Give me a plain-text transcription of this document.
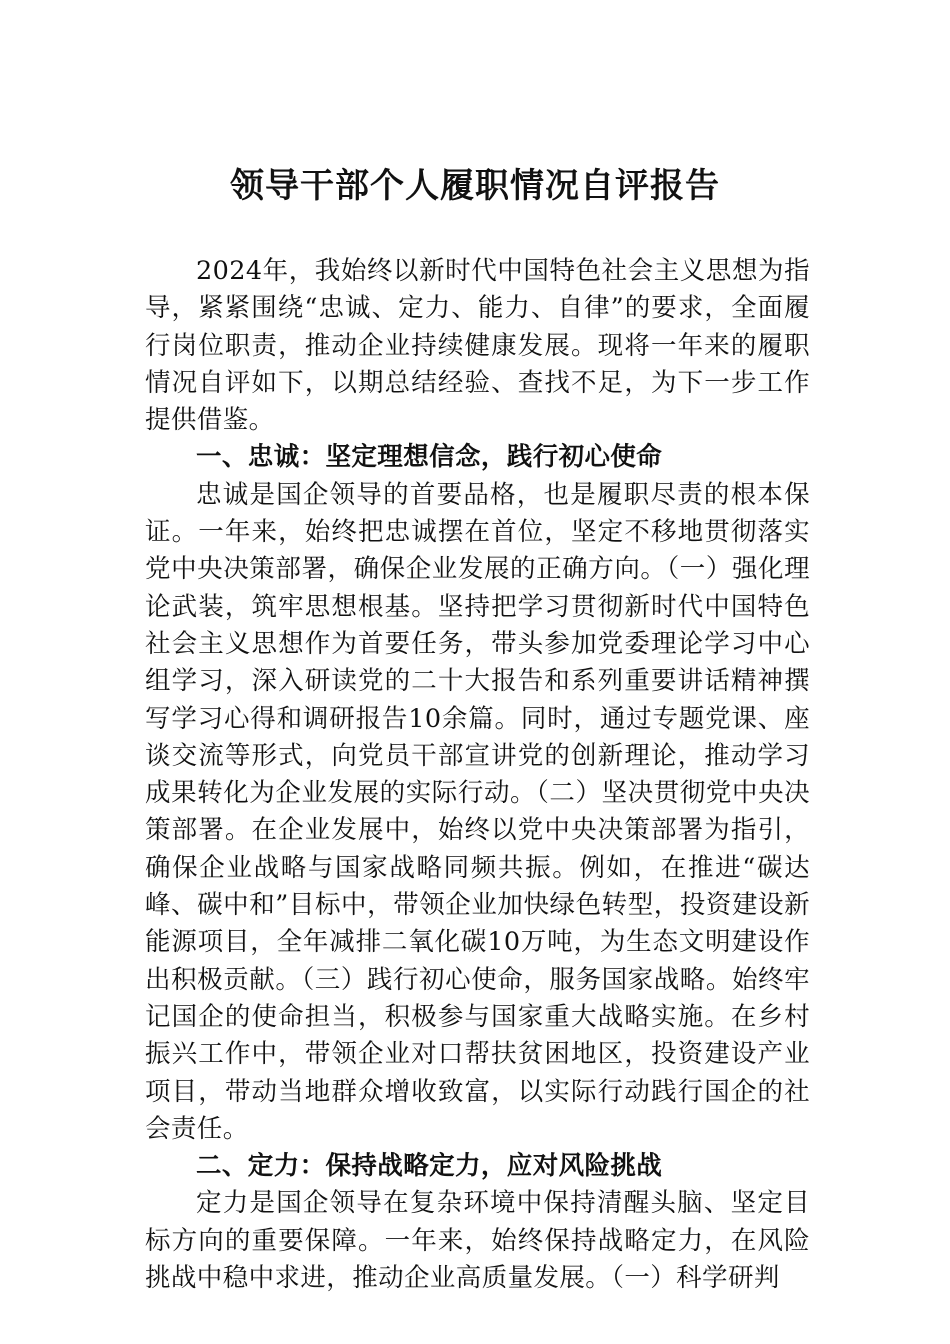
领导干部个人履职情况自评报告

2024年，我始终以新时代中国特色社会主义思想为指导，紧紧围绕“忠诚、定力、能力、自律”的要求，全面履行岗位职责，推动企业持续健康发展。现将一年来的履职情况自评如下，以期总结经验、查找不足，为下一步工作提供借鉴。

一、忠诚：坚定理想信念，践行初心使命

忠诚是国企领导的首要品格，也是履职尽责的根本保证。一年来，始终把忠诚摆在首位，坚定不移地贯彻落实党中央决策部署，确保企业发展的正确方向。（一）强化理论武装，筑牢思想根基。坚持把学习贯彻新时代中国特色社会主义思想作为首要任务，带头参加党委理论学习中心组学习，深入研读党的二十大报告和系列重要讲话精神撰写学习心得和调研报告10余篇。同时，通过专题党课、座谈交流等形式，向党员干部宣讲党的创新理论，推动学习成果转化为企业发展的实际行动。（二）坚决贯彻党中央决策部署。在企业发展中，始终以党中央决策部署为指引，确保企业战略与国家战略同频共振。例如，在推进“碳达峰、碳中和”目标中，带领企业加快绿色转型，投资建设新能源项目，全年减排二氧化碳10万吨，为生态文明建设作出积极贡献。（三）践行初心使命，服务国家战略。始终牢记国企的使命担当，积极参与国家重大战略实施。在乡村振兴工作中，带领企业对口帮扶贫困地区，投资建设产业项目，带动当地群众增收致富，以实际行动践行国企的社会责任。

二、定力：保持战略定力，应对风险挑战

定力是国企领导在复杂环境中保持清醒头脑、坚定目标方向的重要保障。一年来，始终保持战略定力，在风险挑战中稳中求进，推动企业高质量发展。（一）科学研判
